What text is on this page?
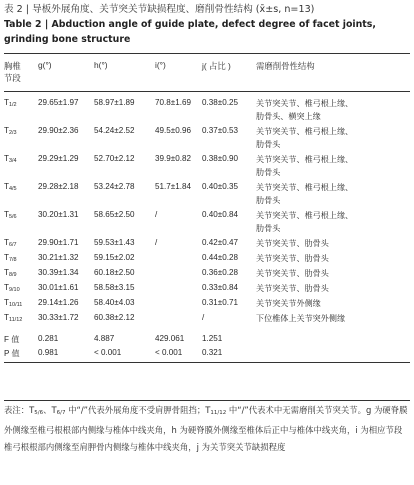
表 2 | 导板外展角度、关节突关节缺损程度、磨削骨性结构 (x̄±s, n=13)
Table 2 | Abduction angle of guide plate, defect degree of facet joints, grinding bone structure
胸椎	g(°)	h(°)	i(°)	j( 占比 )	需磨削骨性结构
节段					

T1/2	29.65±1.97	58.97±1.89	70.8±1.69	0.38±0.25	关节突关节、椎弓根上缘、
					肋骨头、横突上缘
T2/3	29.90±2.36	54.24±2.52	49.5±0.96	0.37±0.53	关节突关节、椎弓根上缘、
					肋骨头
T3/4	29.29±1.29	52.70±2.12	39.9±0.82	0.38±0.90	关节突关节、椎弓根上缘、
					肋骨头
T4/5	29.28±2.18	53.24±2.78	51.7±1.84	0.40±0.35	关节突关节、椎弓根上缘、
					肋骨头
T5/6	30.20±1.31	58.65±2.50	/	0.40±0.84	关节突关节、椎弓根上缘、
					肋骨头
T6/7	29.90±1.71	59.53±1.43	/	0.42±0.47	关节突关节、肋骨头
T7/8	30.21±1.32	59.15±2.02		0.44±0.28	关节突关节、肋骨头
T8/9	30.39±1.34	60.18±2.50		0.36±0.28	关节突关节、肋骨头
T9/10	30.01±1.61	58.58±3.15		0.33±0.84	关节突关节、肋骨头
T10/11	29.14±1.26	58.40±4.03		0.31±0.71	关节突关节外侧缘
T11/12	30.33±1.72	60.38±2.12		/	下位椎体上关节突外侧缘

F 值	0.281	4.887	429.061	1.251	
P 值	0.981	< 0.001	< 0.001	0.321	
表注：T5/6、T6/7 中“/”代表外展角度不受肩胛骨阻挡；T11/12 中“/”代表术中无需磨削关节突关节。g 为硬脊膜外侧缘至椎弓根根部内侧缘与椎体中线夹角，h 为硬脊膜外侧缘至椎体后正中与椎体中线夹角，i 为相应节段椎弓根根部内侧缘至肩胛骨内侧缘与椎体中线夹角，j 为关节突关节缺损程度
